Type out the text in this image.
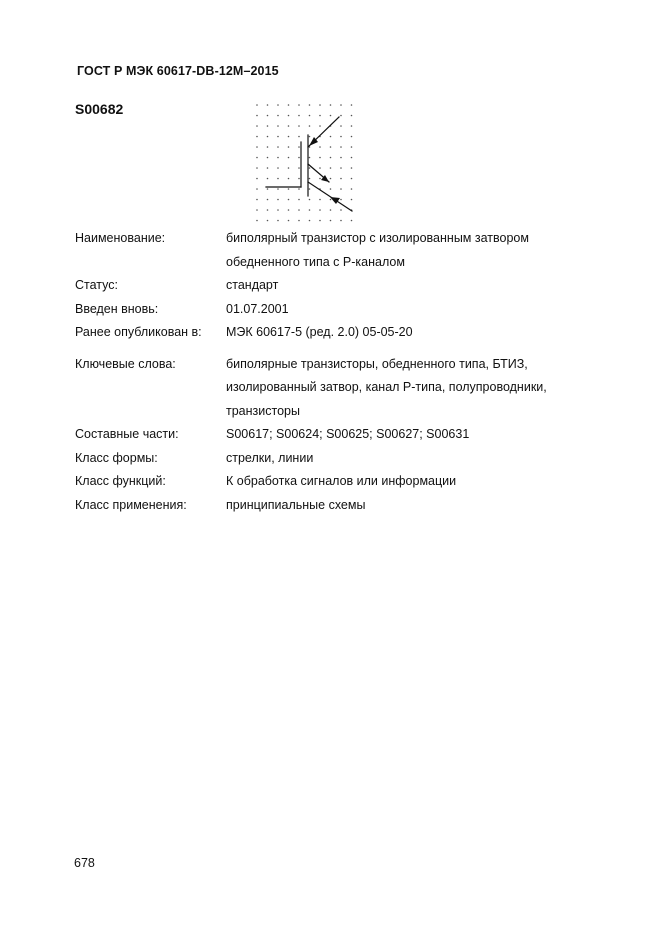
ГОСТ Р МЭК 60617-DB-12M–2015
S00682
Наименование:	биполярный транзистор с изолированным затвором
обедненного типа с Р-каналом
Статус:	стандарт
Введен вновь:	01.07.2001
Ранее опубликован в:	МЭК 60617-5 (ред. 2.0) 05-05-20
Ключевые слова:	биполярные транзисторы, обедненного типа, БТИЗ,
изолированный затвор, канал Р-типа, полупроводники,
транзисторы
Составные части:	S00617; S00624; S00625; S00627; S00631
Класс формы:	стрелки, линии
Класс функций:	К обработка сигналов или информации
Класс применения:	принципиальные схемы
678
